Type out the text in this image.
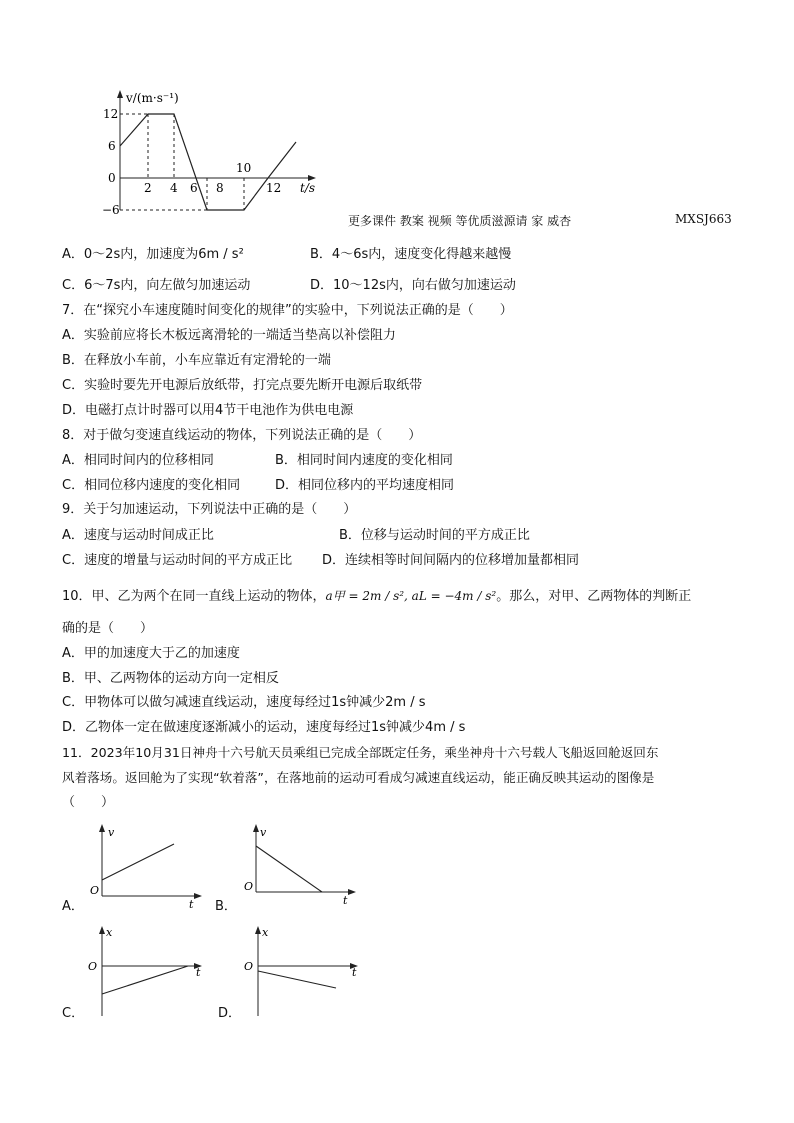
v/(m·s⁻¹)
t/s
12
6
0
−6
2 4 6 8
10
12
更多课件 教案 视频 等优质滋源请 家 威杏	MXSJ663
A．0～2s内，加速度为6m / s²	B．4～6s内，速度变化得越来越慢
C．6～7s内，向左做匀加速运动	D．10～12s内，向右做匀加速运动
7．在“探究小车速度随时间变化的规律”的实验中，下列说法正确的是（　　）
A．实验前应将长木板远离滑轮的一端适当垫高以补偿阻力
B．在释放小车前，小车应靠近有定滑轮的一端
C．实验时要先开电源后放纸带，打完点要先断开电源后取纸带
D．电磁打点计时器可以用4节干电池作为供电电源
8．对于做匀变速直线运动的物体，下列说法正确的是（　　）
A．相同时间内的位移相同	B．相同时间内速度的变化相同
C．相同位移内速度的变化相同	D．相同位移内的平均速度相同
9．关于匀加速运动，下列说法中正确的是（　　）
A．速度与运动时间成正比	B．位移与运动时间的平方成正比
C．速度的增量与运动时间的平方成正比 D．连续相等时间间隔内的位移增加量都相同
10．甲、乙为两个在同一直线上运动的物体，a甲 = 2m / s², aL = −4m / s²。那么，对甲、乙两物体的判断正
确的是（　　）
A．甲的加速度大于乙的加速度
B．甲、乙两物体的运动方向一定相反
C．甲物体可以做匀减速直线运动，速度每经过1s钟减少2m / s
D．乙物体一定在做速度逐渐减小的运动，速度每经过1s钟减少4m / s
11．2023年10月31日神舟十六号航天员乘组已完成全部既定任务，乘坐神舟十六号载人飞船返回舱返回东
风着落场。返回舱为了实现“软着落”，在落地前的运动可看成匀减速直线运动，能正确反映其运动的图像是
（　　）
A．
v
t
O
B．
v
t
O
C．
x
t
O
D．
x
t
O
